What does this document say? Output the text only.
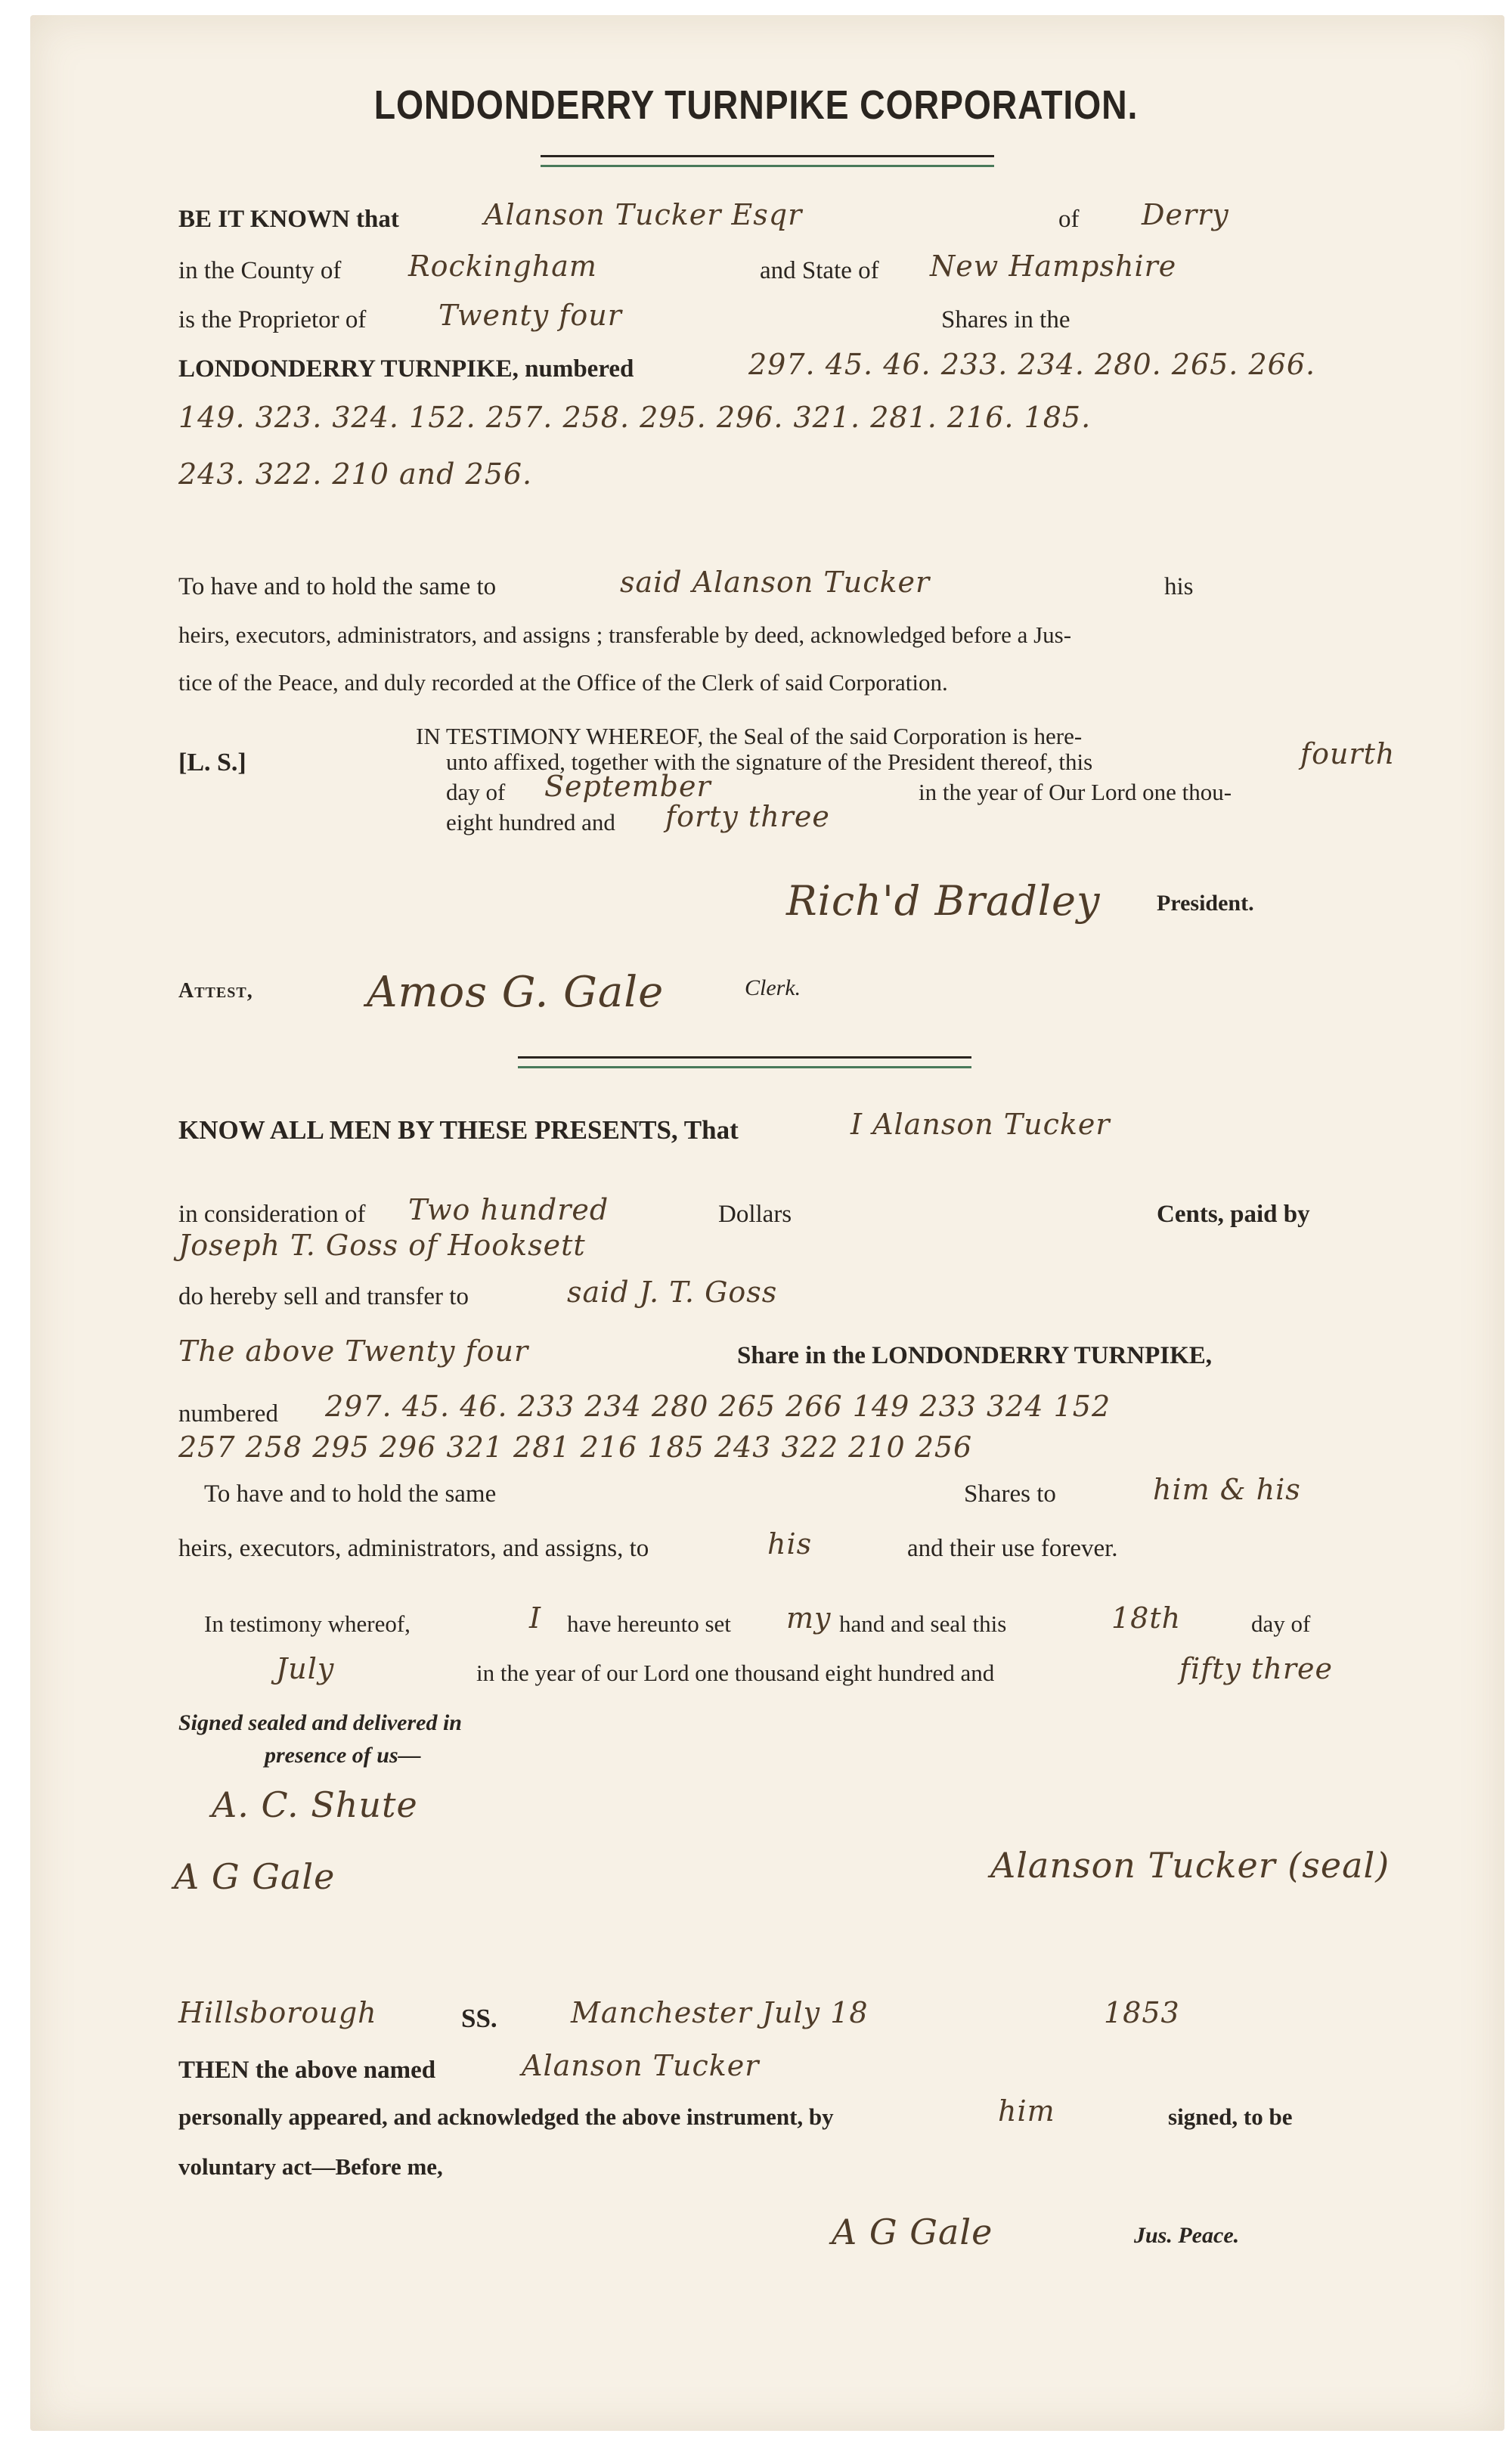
LONDONDERRY TURNPIKE CORPORATION.
BE IT KNOWN that	Alanson Tucker Esqr	of Derry
in the County of Rockingham	and State of New Hampshire
is the Proprietor of	Twenty four	Shares in the
LONDONDERRY TURNPIKE, numbered	297. 45. 46. 233. 234. 280. 265. 266.
149. 323. 324. 152. 257. 258. 295. 296. 321. 281. 216. 185.
243. 322. 210 and 256.
To have and to hold the same to	said Alanson Tucker	his
heirs, executors, administrators, and assigns ; transferable by deed, acknowledged before a Jus-
tice of the Peace, and duly recorded at the Office of the Clerk of said Corporation.
[L. S.]
IN TESTIMONY WHEREOF, the Seal of the said Corporation is here-
unto affixed, together with the signature of the President thereof, this	fourth
day of September	in the year of Our Lord one thou-
eight hundred and forty three
Rich'd Bradley President.
Attest,	Amos G. Gale	Clerk.
KNOW ALL MEN BY THESE PRESENTS, That	I Alanson Tucker
in consideration of Two hundred	Dollars	Cents, paid by
Joseph T. Goss of Hooksett
do hereby sell and transfer to	said J. T. Goss
The above Twenty four	Share in the LONDONDERRY TURNPIKE,
numbered 297. 45. 46. 233 234 280 265 266 149 233 324 152
257 258 295 296 321 281 216 185 243 322 210 256
To have and to hold the same	Shares to	him & his
heirs, executors, administrators, and assigns, to	his	and their use forever.
In testimony whereof,	I have hereunto set my hand and seal this	18th	day of
July	in the year of our Lord one thousand eight hundred and	fifty three
Signed sealed and delivered in
presence of us—
A. C. Shute
A G Gale	Alanson Tucker (seal)
Hillsborough	SS.	Manchester July 18	1853
THEN the above named	Alanson Tucker
personally appeared, and acknowledged the above instrument, by	him	signed, to be
voluntary act—Before me,
A G Gale	Jus. Peace.
